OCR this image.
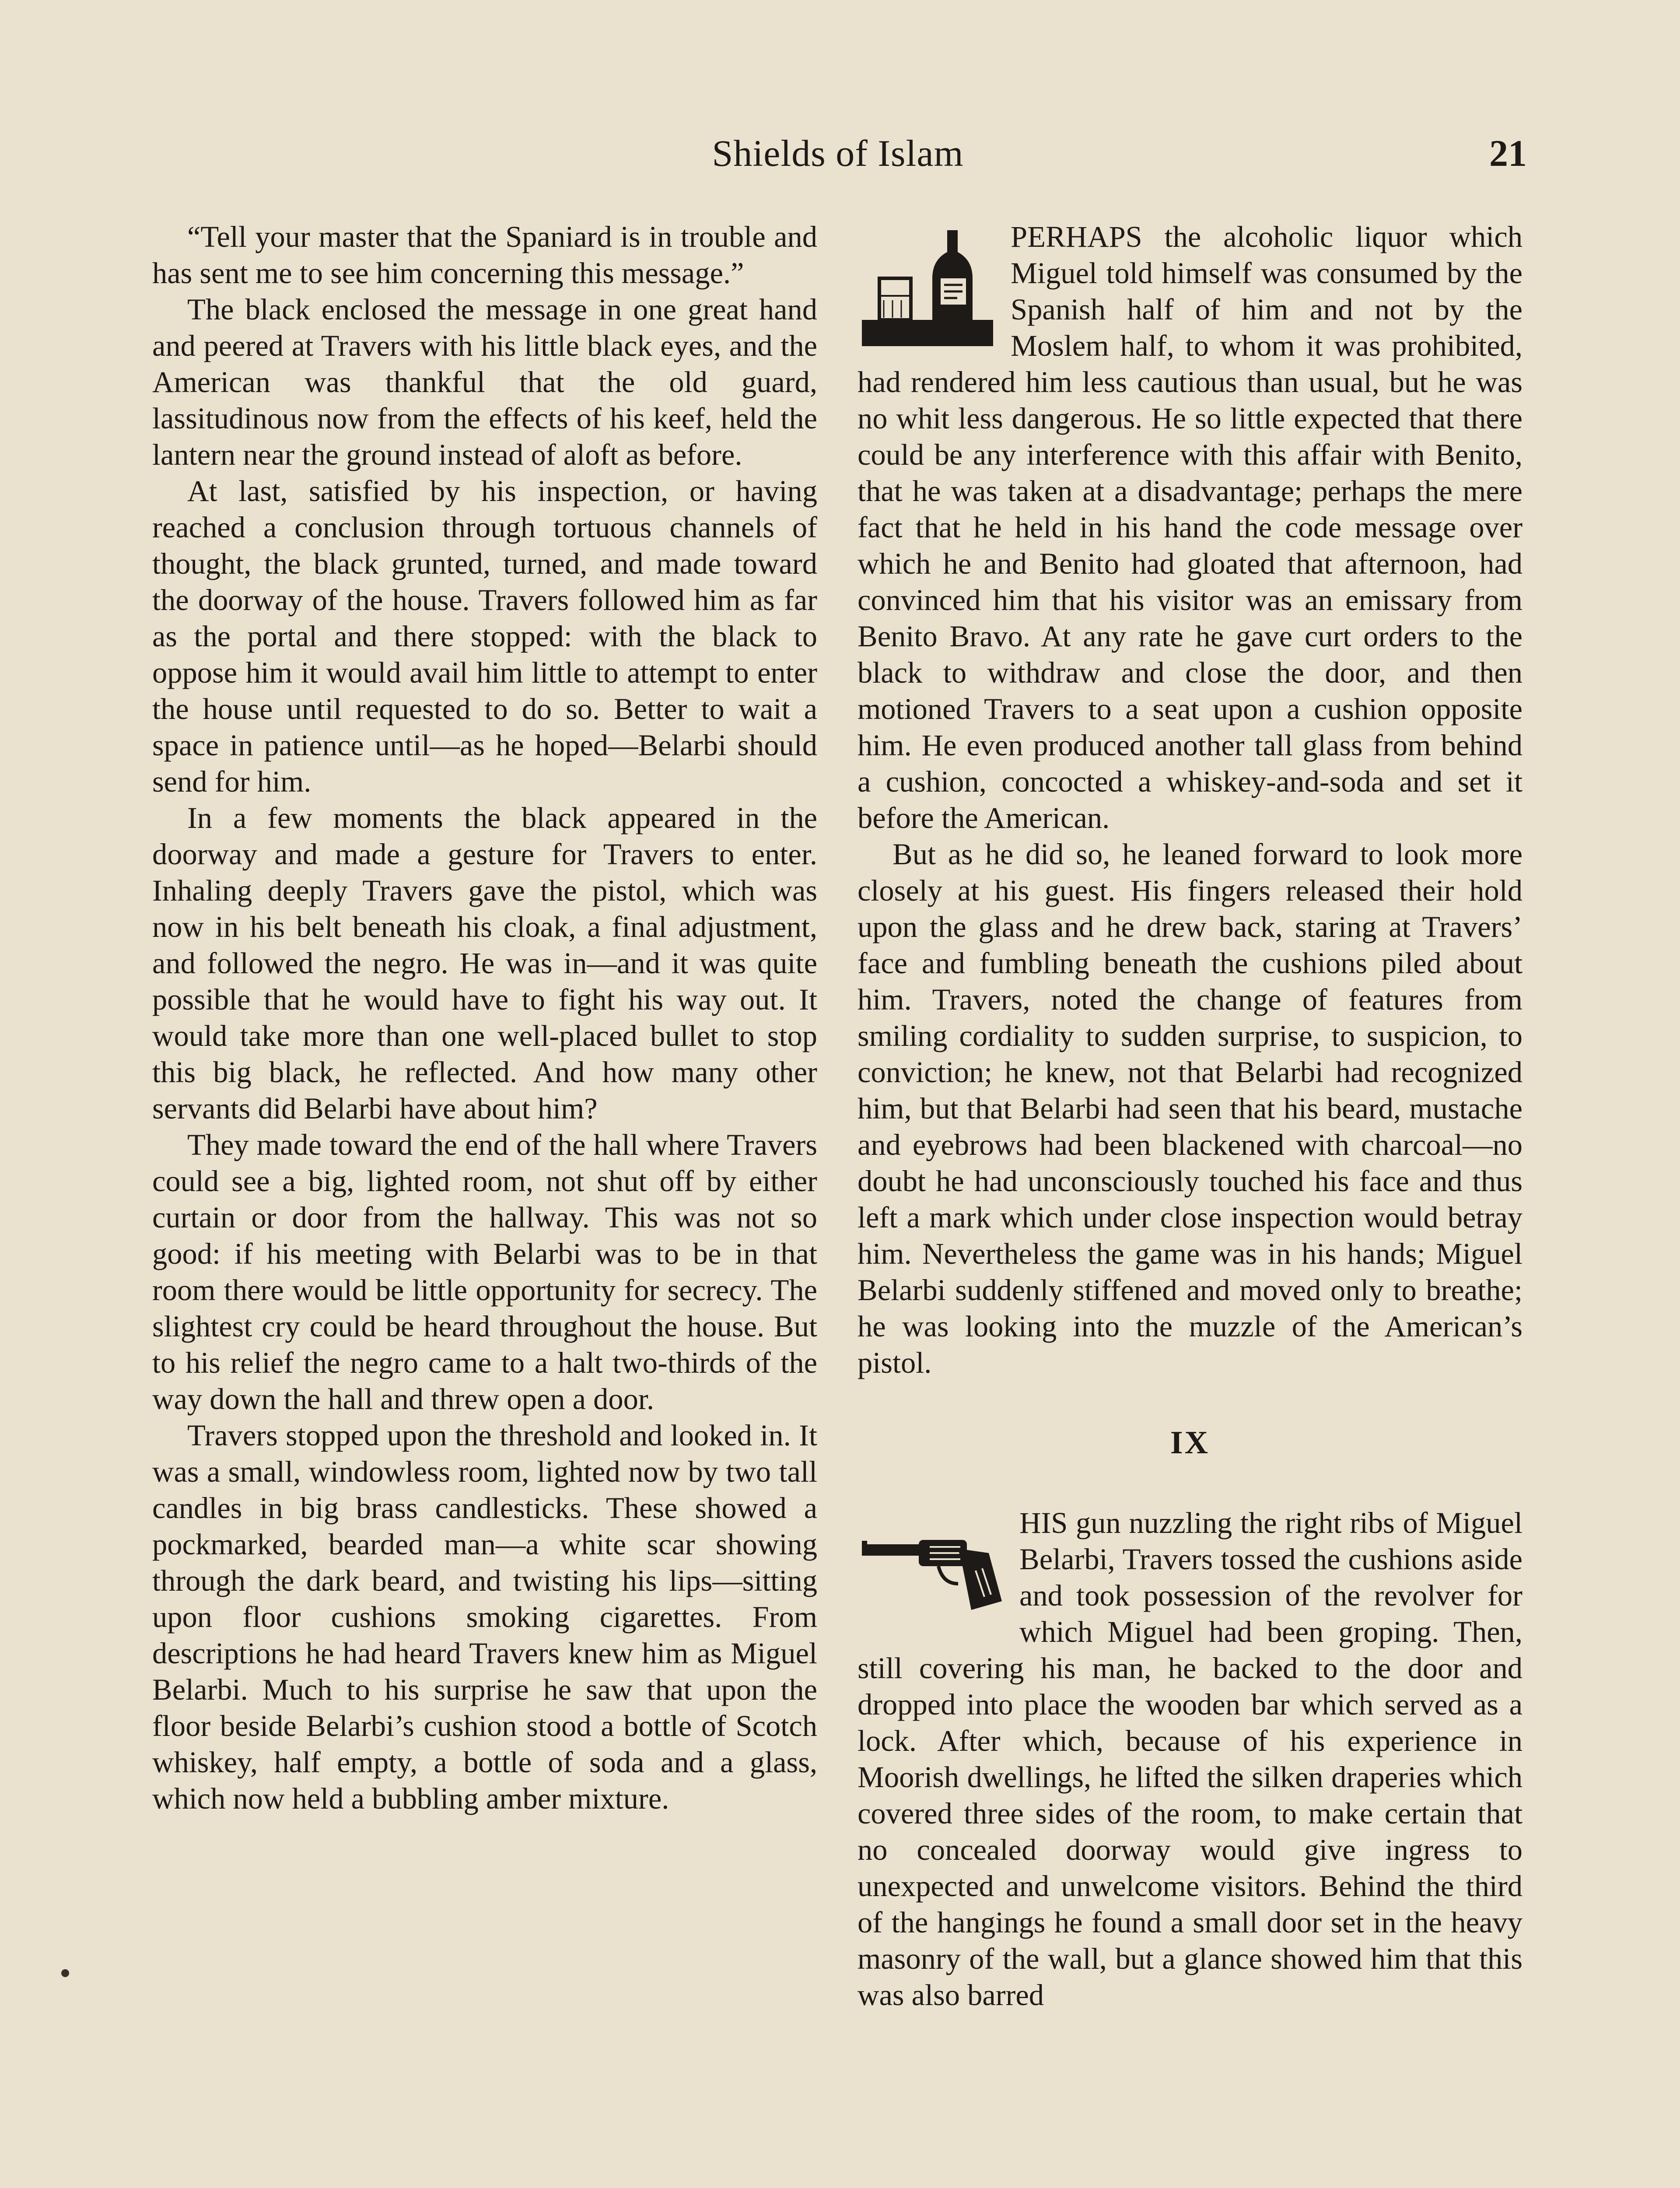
Shields of Islam	21

“Tell your master that the Spaniard is in trouble and has sent me to see him concerning this message.”

The black enclosed the message in one great hand and peered at Travers with his little black eyes, and the American was thankful that the old guard, lassitudinous now from the effects of his keef, held the lantern near the ground instead of aloft as before.

At last, satisfied by his inspection, or having reached a conclusion through tortuous channels of thought, the black grunted, turned, and made toward the doorway of the house. Travers followed him as far as the portal and there stopped: with the black to oppose him it would avail him little to attempt to enter the house until requested to do so. Better to wait a space in patience until—as he hoped—Belarbi should send for him.

In a few moments the black appeared in the doorway and made a gesture for Travers to enter. Inhaling deeply Travers gave the pistol, which was now in his belt beneath his cloak, a final adjustment, and followed the negro. He was in—and it was quite possible that he would have to fight his way out. It would take more than one well-placed bullet to stop this big black, he reflected. And how many other servants did Belarbi have about him?

They made toward the end of the hall where Travers could see a big, lighted room, not shut off by either curtain or door from the hallway. This was not so good: if his meeting with Belarbi was to be in that room there would be little opportunity for secrecy. The slightest cry could be heard throughout the house. But to his relief the negro came to a halt two-thirds of the way down the hall and threw open a door.

Travers stopped upon the threshold and looked in. It was a small, windowless room, lighted now by two tall candles in big brass candlesticks. These showed a pockmarked, bearded man—a white scar showing through the dark beard, and twisting his lips—sitting upon floor cushions smoking cigarettes. From descriptions he had heard Travers knew him as Miguel Belarbi. Much to his surprise he saw that upon the floor beside Belarbi’s cushion stood a bottle of Scotch whiskey, half empty, a bottle of soda and a glass, which now held a bubbling amber mixture.

PERHAPS the alcoholic liquor which Miguel told himself was consumed by the Spanish half of him and not by the Moslem half, to whom it was prohibited, had rendered him less cautious than usual, but he was no whit less dangerous. He so little expected that there could be any interference with this affair with Benito, that he was taken at a disadvantage; perhaps the mere fact that he held in his hand the code message over which he and Benito had gloated that afternoon, had convinced him that his visitor was an emissary from Benito Bravo. At any rate he gave curt orders to the black to withdraw and close the door, and then motioned Travers to a seat upon a cushion opposite him. He even produced another tall glass from behind a cushion, concocted a whiskey-and-soda and set it before the American.

But as he did so, he leaned forward to look more closely at his guest. His fingers released their hold upon the glass and he drew back, staring at Travers’ face and fumbling beneath the cushions piled about him. Travers, noted the change of features from smiling cordiality to sudden surprise, to suspicion, to conviction; he knew, not that Belarbi had recognized him, but that Belarbi had seen that his beard, mustache and eyebrows had been blackened with charcoal—no doubt he had unconsciously touched his face and thus left a mark which under close inspection would betray him. Nevertheless the game was in his hands; Miguel Belarbi suddenly stiffened and moved only to breathe; he was looking into the muzzle of the American’s pistol.

IX

HIS gun nuzzling the right ribs of Miguel Belarbi, Travers tossed the cushions aside and took possession of the revolver for which Miguel had been groping. Then, still covering his man, he backed to the door and dropped into place the wooden bar which served as a lock. After which, because of his experience in Moorish dwellings, he lifted the silken draperies which covered three sides of the room, to make certain that no concealed doorway would give ingress to unexpected and unwelcome visitors. Behind the third of the hangings he found a small door set in the heavy masonry of the wall, but a glance showed him that this was also barred
